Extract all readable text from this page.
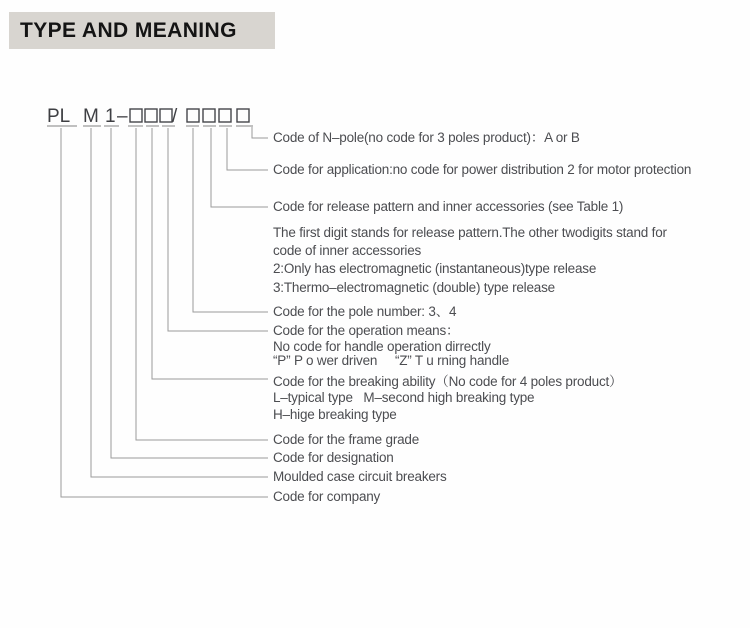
TYPE AND MEANING
PL M 1 – /
Code of N–pole(no code for 3 poles product)：A or B
Code for application:no code for power distribution 2 for motor protection
Code for release pattern and inner accessories (see Table 1)
The first digit stands for release pattern.The other twodigits stand for
code of inner accessories
2:Only has electromagnetic (instantaneous)type release
3:Thermo–electromagnetic (double) type release
Code for the pole number: 3、4
Code for the operation means：
No code for handle operation dirrectly
“P” P o wer driven     “Z” T u rning handle
Code for the breaking ability（No code for 4 poles product）
L–typical type   M–second high breaking type
H–hige breaking type
Code for the frame grade
Code for designation
Moulded case circuit breakers
Code for company
